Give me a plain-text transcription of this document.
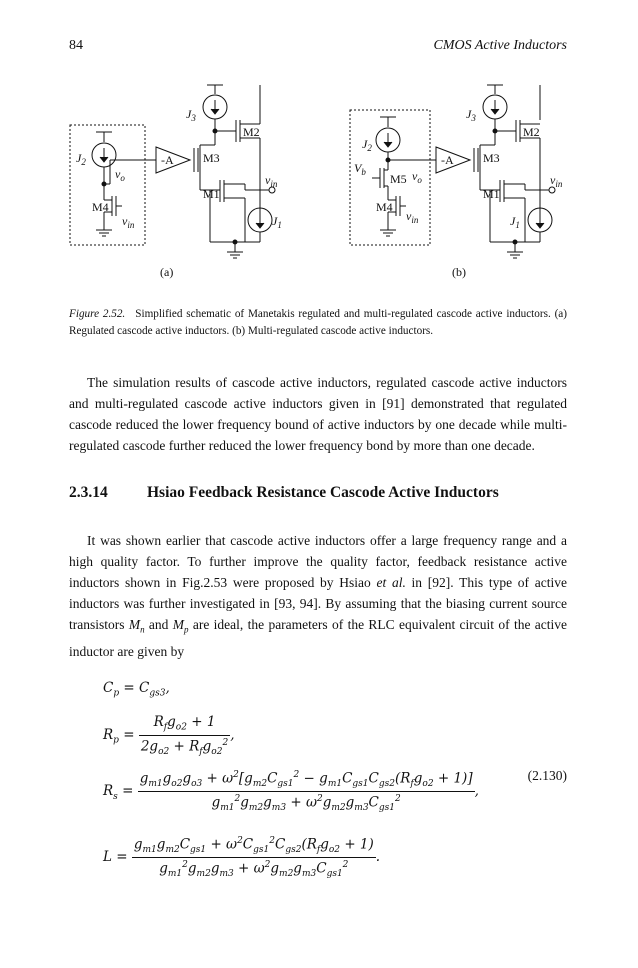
84	CMOS Active Inductors
$J_3$
M2
M3
-A
M1
$v_{in}$
$J_1$
$J_2$
$v_o$
M4
$v_{in}$
(a)
$J_3$
M2
M3
-A
M1
$v_{in}$
$J_1$
$J_2$
$V_b$ M5 $v_o$
M4
$v_{in}$
(b)
Figure 2.52. Simplified schematic of Manetakis regulated and multi-regulated cascode active inductors. (a) Regulated cascode active inductors. (b) Multi-regulated cascode active inductors.

The simulation results of cascode active inductors, regulated cascode active inductors and multi-regulated cascode active inductors given in [91] demonstrated that regulated cascode reduced the lower frequency bound of active inductors by one decade while multi-regulated cascode further reduced the lower frequency bond by more than one decade.

2.3.14	Hsiao Feedback Resistance Cascode Active Inductors

It was shown earlier that cascode active inductors offer a large frequency range and a high quality factor. To further improve the quality factor, feedback resistance active inductors shown in Fig.2.53 were proposed by Hsiao et al. in [92]. This type of active inductors was further investigated in [93, 94]. By assuming that the biasing current source transistors $M_n$ and $M_p$ are ideal, the parameters of the RLC equivalent circuit of the active inductor are given by

$C_p = C_{gs3}$,
$R_p = \frac{R_fg_{o2} + 1}{2g_{o2} + R_fg_{o2}^2}$ ,
$R_s = \frac{g_{m1}g_{o2}g_{o3} + \omega^2[g_{m2}C_{gs1}^2 - g_{m1}C_{gs1}C_{gs2}(R_fg_{o2} + 1)]}{g_{m1}^2g_{m2}g_{m3} + \omega^2g_{m2}g_{m3}C_{gs1}^2}$ ,
(2.130)
$L = \frac{g_{m1}g_{m2}C_{gs1} + \omega^2C_{gs1}^2C_{gs2}(R_fg_{o2} + 1)}{g_{m1}^2g_{m2}g_{m3} + \omega^2g_{m2}g_{m3}C_{gs1}^2}$ .
